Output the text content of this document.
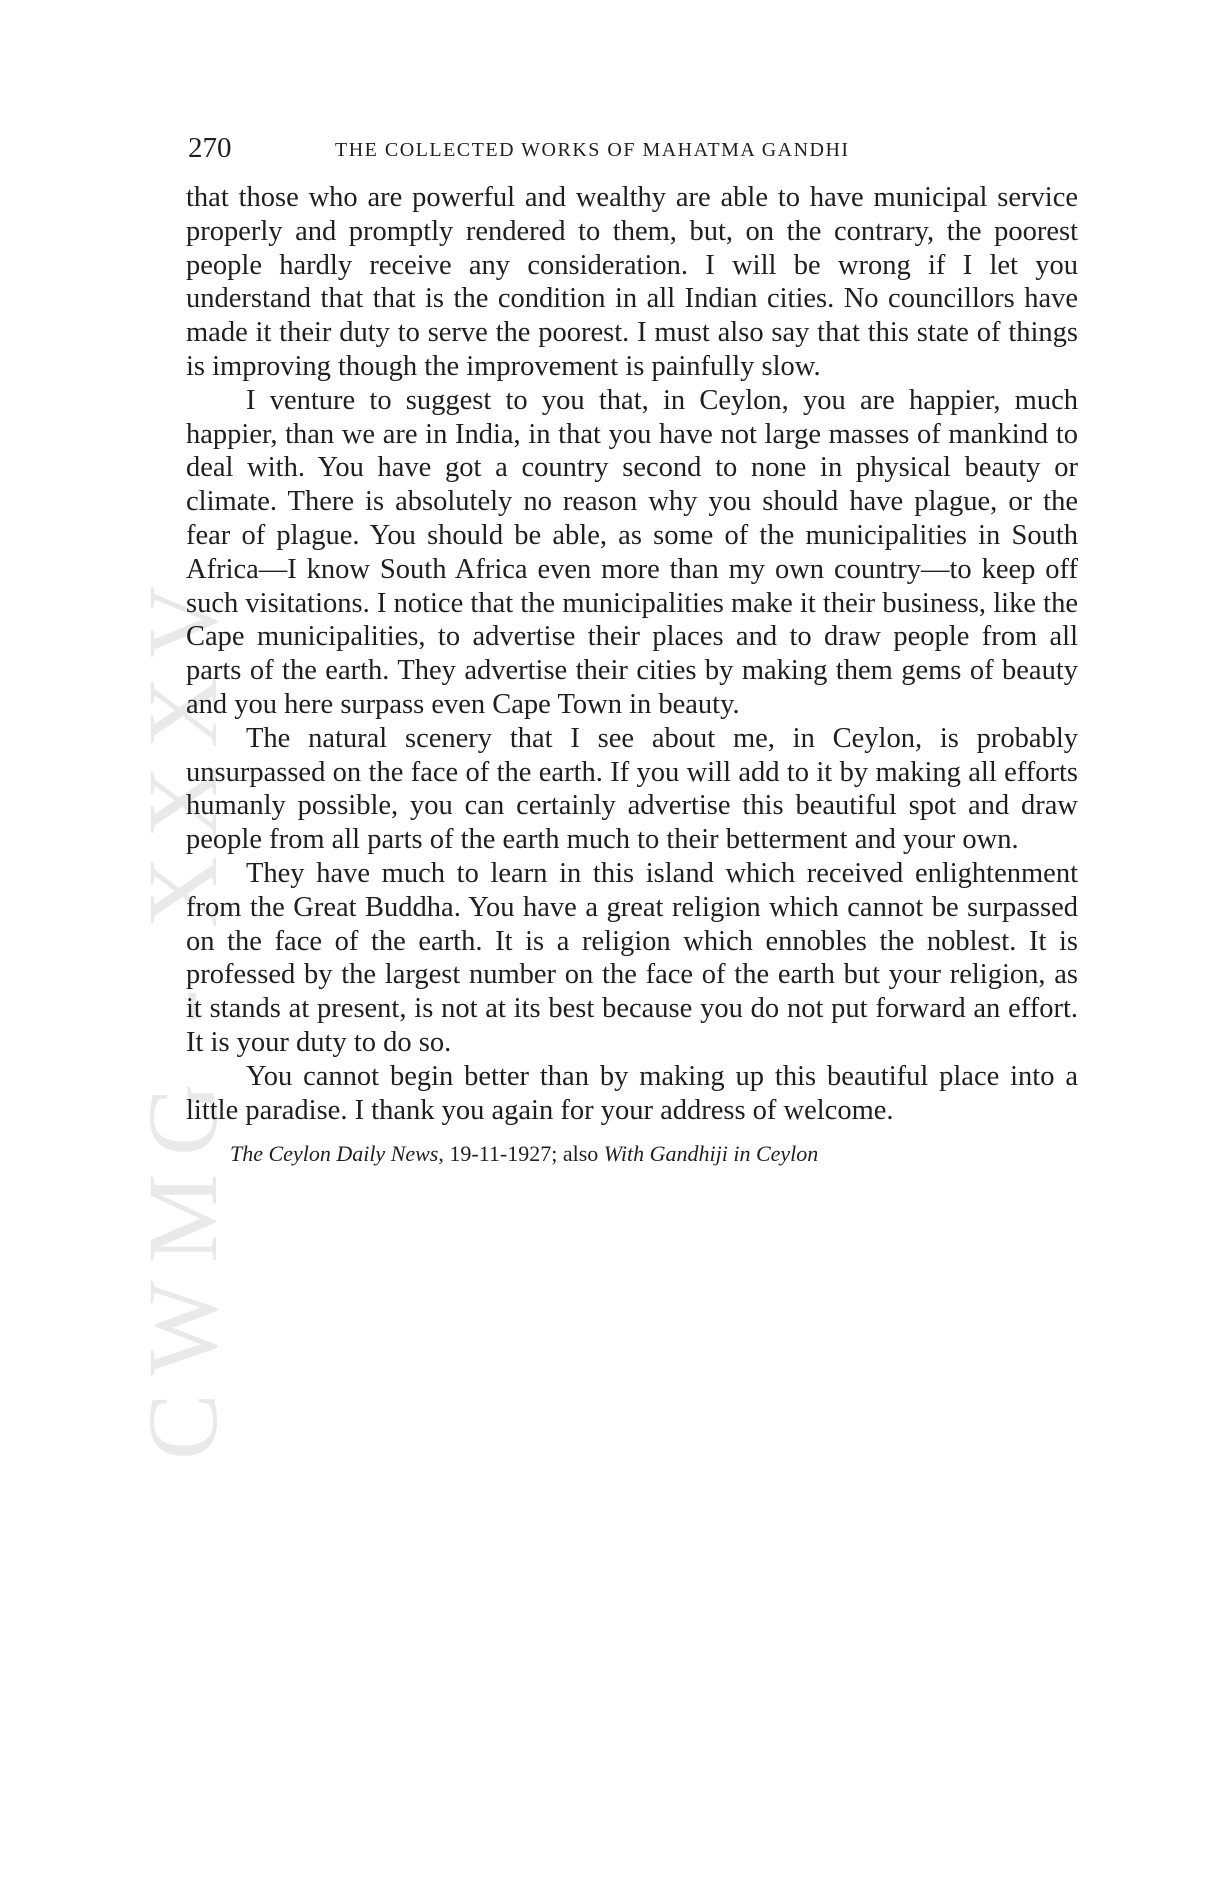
CWMG - XXXV
270	THE COLLECTED WORKS OF MAHATMA GANDHI

that those who are powerful and wealthy are able to have municipal service properly and promptly rendered to them, but, on the contrary, the poorest people hardly receive any consideration. I will be wrong if I let you understand that that is the condition in all Indian cities. No councillors have made it their duty to serve the poorest. I must also say that this state of things is improving though the improvement is painfully slow.

I venture to suggest to you that, in Ceylon, you are happier, much happier, than we are in India, in that you have not large masses of mankind to deal with. You have got a country second to none in physical beauty or climate. There is absolutely no reason why you should have plague, or the fear of plague. You should be able, as some of the municipalities in South Africa—I know South Africa even more than my own country—to keep off such visitations. I notice that the municipalities make it their business, like the Cape municipalities, to advertise their places and to draw people from all parts of the earth. They advertise their cities by making them gems of beauty and you here surpass even Cape Town in beauty.

The natural scenery that I see about me, in Ceylon, is probably unsurpassed on the face of the earth. If you will add to it by making all efforts humanly possible, you can certainly advertise this beautiful spot and draw people from all parts of the earth much to their betterment and your own.

They have much to learn in this island which received enlightenment from the Great Buddha. You have a great religion which cannot be surpassed on the face of the earth. It is a religion which ennobles the noblest. It is professed by the largest number on the face of the earth but your religion, as it stands at present, is not at its best because you do not put forward an effort. It is your duty to do so.

You cannot begin better than by making up this beautiful place into a little paradise. I thank you again for your address of welcome.

The Ceylon Daily News, 19-11-1927; also With Gandhiji in Ceylon
